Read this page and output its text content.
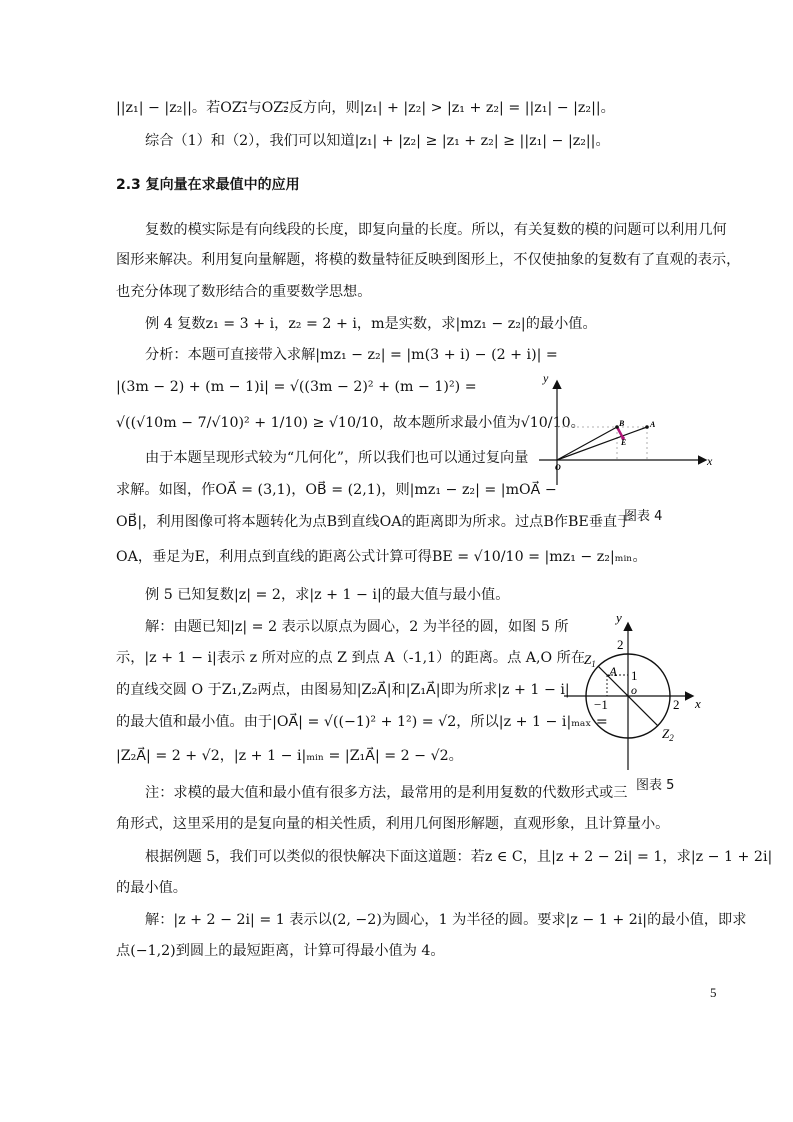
||z₁| − |z₂||。若OZ₁⃗与OZ₂⃗反方向，则|z₁| + |z₂| > |z₁ + z₂| = ||z₁| − |z₂||。
综合（1）和（2），我们可以知道|z₁| + |z₂| ≥ |z₁ + z₂| ≥ ||z₁| − |z₂||。
2.3 复向量在求最值中的应用
复数的模实际是有向线段的长度，即复向量的长度。所以，有关复数的模的问题可以利用几何
图形来解决。利用复向量解题，将模的数量特征反映到图形上，不仅使抽象的复数有了直观的表示，
也充分体现了数形结合的重要数学思想。
例 4 复数z₁ = 3 + i，z₂ = 2 + i，m是实数，求|mz₁ − z₂|的最小值。
分析：本题可直接带入求解|mz₁ − z₂| = |m(3 + i) − (2 + i)| =
|(3m − 2) + (m − 1)i| = √((3m − 2)² + (m − 1)²) =
√((√10m − 7/√10)² + 1/10) ≥ √10/10，故本题所求最小值为√10/10。
由于本题呈现形式较为“几何化”，所以我们也可以通过复向量
求解。如图，作OA⃗ = (3,1)，OB⃗ = (2,1)，则|mz₁ − z₂| = |mOA⃗ −
OB⃗|，利用图像可将本题转化为点B到直线OA的距离即为所求。过点B作BE垂直于
OA，垂足为E，利用点到直线的距离公式计算可得BE = √10/10 = |mz₁ − z₂|ₘᵢₙ。
例 5 已知复数|z| = 2，求|z + 1 − i|的最大值与最小值。
解：由题已知|z| = 2 表示以原点为圆心，2 为半径的圆，如图 5 所
示，|z + 1 − i|表示 z 所对应的点 Z 到点 A（-1,1）的距离。点 A,O 所在
的直线交圆 O 于Z₁,Z₂两点，由图易知|Z₂A⃗|和|Z₁A⃗|即为所求|z + 1 − i|
的最大值和最小值。由于|OA⃗| = √((−1)² + 1²) = √2，所以|z + 1 − i|ₘₐₓ =
|Z₂A⃗| = 2 + √2，|z + 1 − i|ₘᵢₙ = |Z₁A⃗| = 2 − √2。
注：求模的最大值和最小值有很多方法，最常用的是利用复数的代数形式或三
角形式，这里采用的是复向量的相关性质，利用几何图形解题，直观形象，且计算量小。
根据例题 5，我们可以类似的很快解决下面这道题：若z ∈ C，且|z + 2 − 2i| = 1，求|z − 1 + 2i|
的最小值。
解：|z + 2 − 2i| = 1 表示以(2, −2)为圆心，1 为半径的圆。要求|z − 1 + 2i|的最小值，即求
点(−1,2)到圆上的最短距离，计算可得最小值为 4。
y
x
O
B	A
E
图表 4
y
x
2
1
−1	2
o
A
$Z_1$
$Z_2$
图表 5
5
